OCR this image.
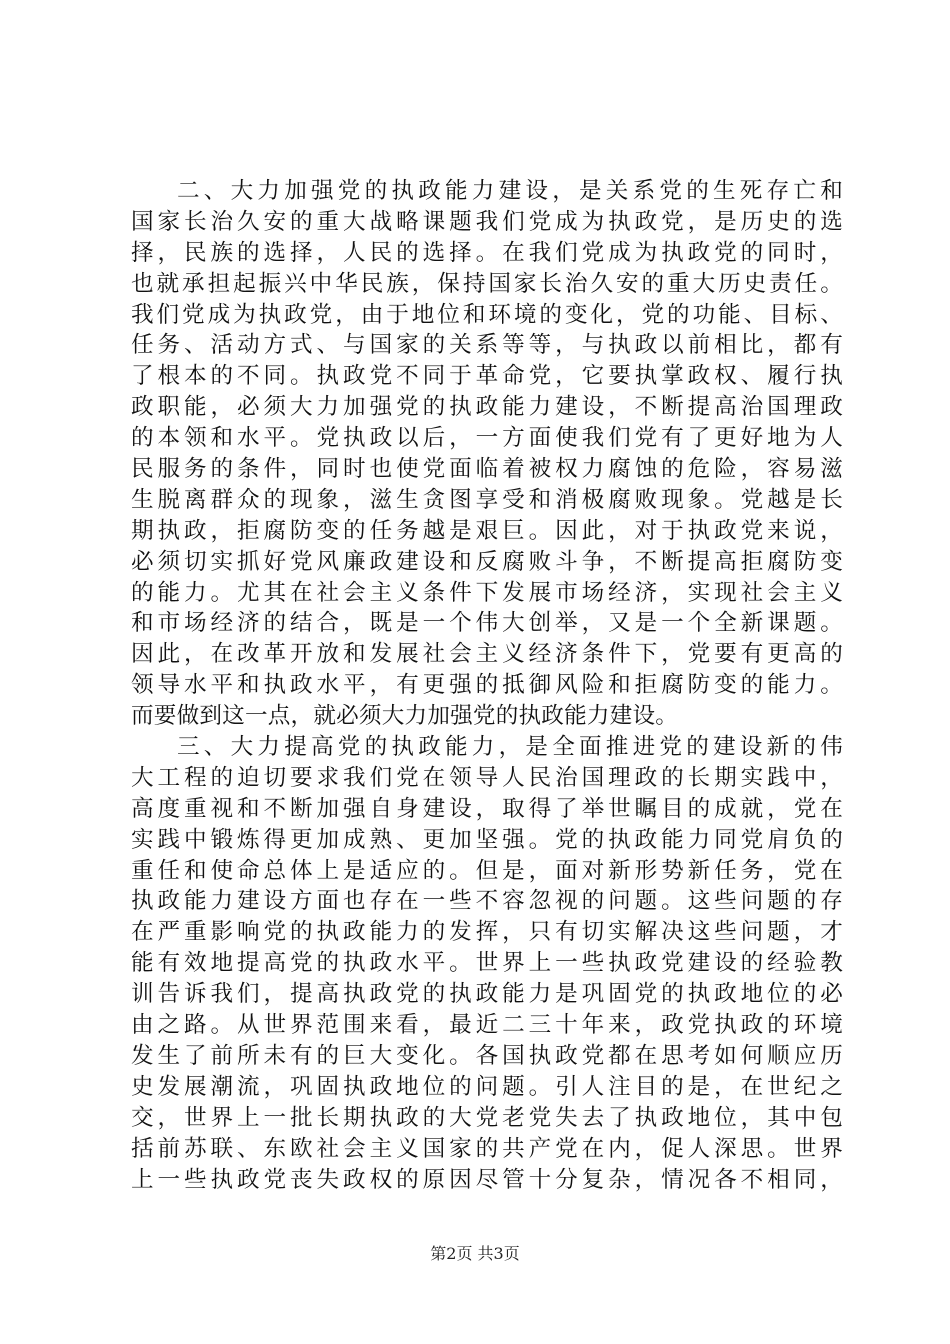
二、大力加强党的执政能力建设，是关系党的生死存亡和
国家长治久安的重大战略课题我们党成为执政党，是历史的选
择，民族的选择，人民的选择。在我们党成为执政党的同时，
也就承担起振兴中华民族，保持国家长治久安的重大历史责任。
我们党成为执政党，由于地位和环境的变化，党的功能、目标、
任务、活动方式、与国家的关系等等，与执政以前相比，都有
了根本的不同。执政党不同于革命党，它要执掌政权、履行执
政职能，必须大力加强党的执政能力建设，不断提高治国理政
的本领和水平。党执政以后，一方面使我们党有了更好地为人
民服务的条件，同时也使党面临着被权力腐蚀的危险，容易滋
生脱离群众的现象，滋生贪图享受和消极腐败现象。党越是长
期执政，拒腐防变的任务越是艰巨。因此，对于执政党来说，
必须切实抓好党风廉政建设和反腐败斗争，不断提高拒腐防变
的能力。尤其在社会主义条件下发展市场经济，实现社会主义
和市场经济的结合，既是一个伟大创举，又是一个全新课题。
因此，在改革开放和发展社会主义经济条件下，党要有更高的
领导水平和执政水平，有更强的抵御风险和拒腐防变的能力。
而要做到这一点，就必须大力加强党的执政能力建设。
三、大力提高党的执政能力，是全面推进党的建设新的伟
大工程的迫切要求我们党在领导人民治国理政的长期实践中，
高度重视和不断加强自身建设，取得了举世瞩目的成就，党在
实践中锻炼得更加成熟、更加坚强。党的执政能力同党肩负的
重任和使命总体上是适应的。但是，面对新形势新任务，党在
执政能力建设方面也存在一些不容忽视的问题。这些问题的存
在严重影响党的执政能力的发挥，只有切实解决这些问题，才
能有效地提高党的执政水平。世界上一些执政党建设的经验教
训告诉我们，提高执政党的执政能力是巩固党的执政地位的必
由之路。从世界范围来看，最近二三十年来，政党执政的环境
发生了前所未有的巨大变化。各国执政党都在思考如何顺应历
史发展潮流，巩固执政地位的问题。引人注目的是，在世纪之
交，世界上一批长期执政的大党老党失去了执政地位，其中包
括前苏联、东欧社会主义国家的共产党在内，促人深思。世界
上一些执政党丧失政权的原因尽管十分复杂，情况各不相同，
第2页 共3页
